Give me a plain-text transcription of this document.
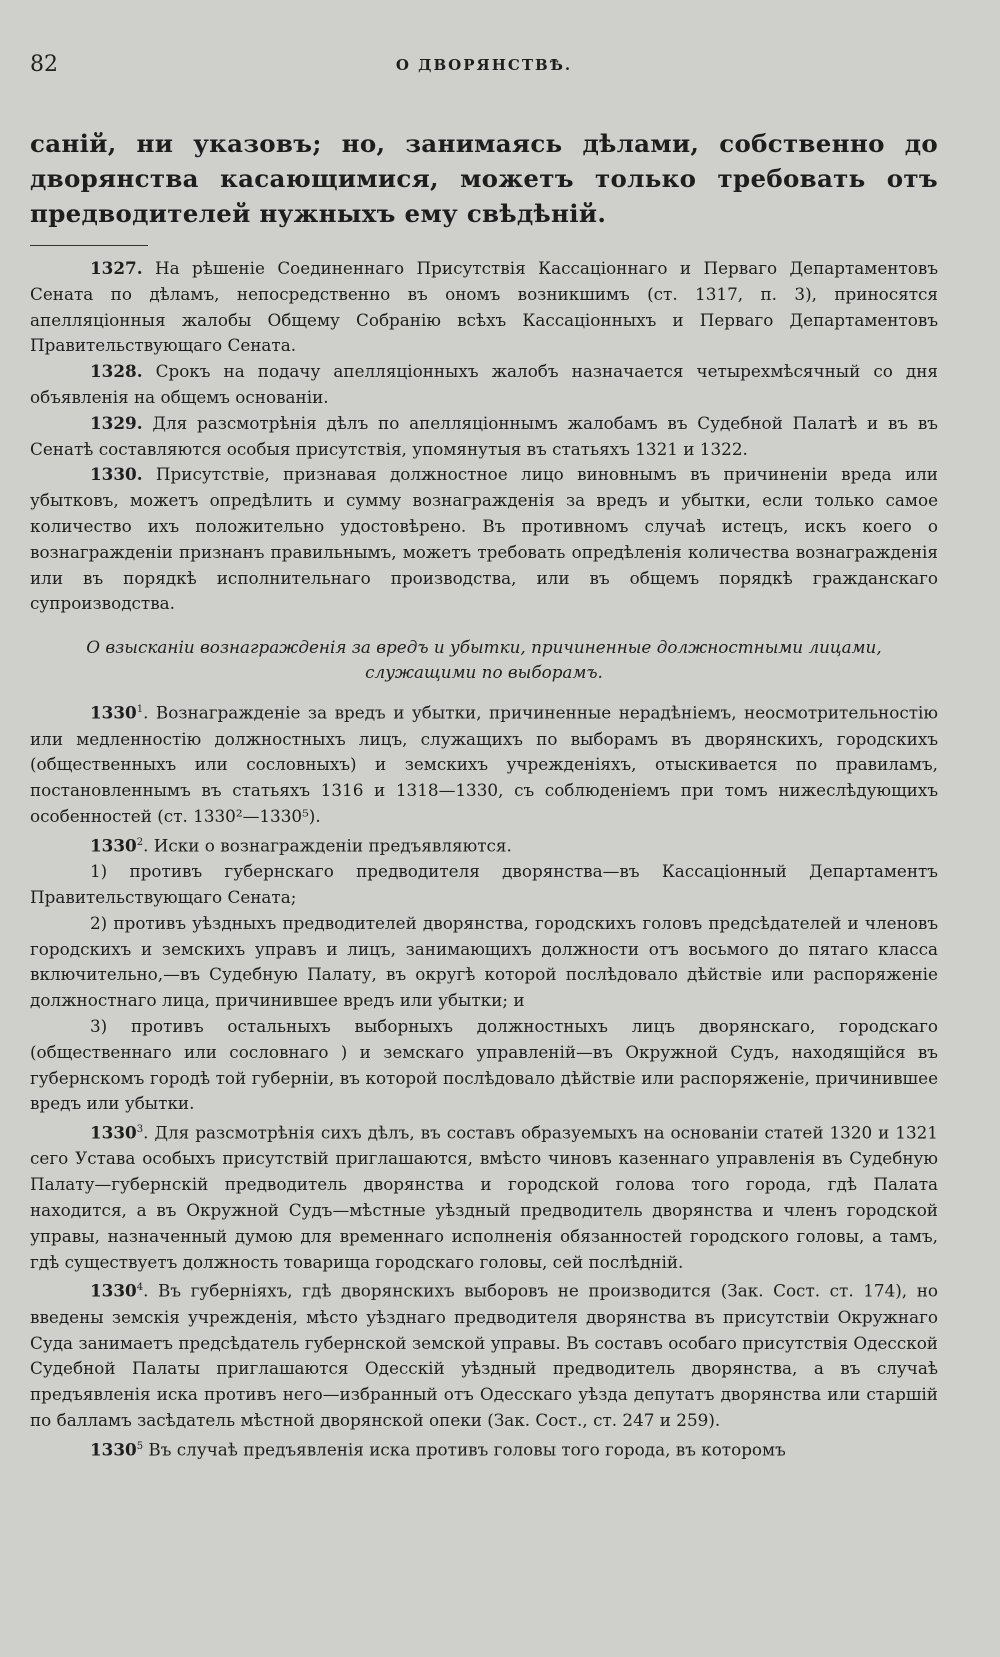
82	О ДВОРЯНСТВѢ.
саній, ни указовъ; но, занимаясь дѣлами, собственно до дворянства касающимися, можетъ только требовать отъ предводителей нужныхъ ему свѣдѣній.

1327. На рѣшеніе Соединеннаго Присутствія Кассаціоннаго и Перваго Департаментовъ Сената по дѣламъ, непосредственно въ ономъ возникшимъ (ст. 1317, п. 3), приносятся апелляціонныя жалобы Общему Собранію всѣхъ Кассаціонныхъ и Перваго Департаментовъ Правительствующаго Сената.

1328. Срокъ на подачу апелляціонныхъ жалобъ назначается четырехмѣсячный со дня объявленія на общемъ основаніи.

1329. Для разсмотрѣнія дѣлъ по апелляціоннымъ жалобамъ въ Судебной Палатѣ и въ въ Сенатѣ составляются особыя присутствія, упомянутыя въ статьяхъ 1321 и 1322.

1330. Присутствіе, признавая должностное лицо виновнымъ въ причиненіи вреда или убытковъ, можетъ опредѣлить и сумму вознагражденія за вредъ и убытки, если только самое количество ихъ положительно удостовѣрено. Въ противномъ случаѣ истецъ, искъ коего о вознагражденіи признанъ правильнымъ, можетъ требовать опредѣленія количества вознагражденія или въ порядкѣ исполнительнаго производства, или въ общемъ порядкѣ гражданскаго супроизводства.

О взысканіи вознагражденія за вредъ и убытки, причиненные должностными лицами, служащими по выборамъ.

1330$^1$. Вознагражденіе за вредъ и убытки, причиненные нерадѣніемъ, неосмотрительностію или медленностію должностныхъ лицъ, служащихъ по выборамъ въ дворянскихъ, городскихъ (общественныхъ или сословныхъ) и земскихъ учрежденіяхъ, отыскивается по правиламъ, постановленнымъ въ статьяхъ 1316 и 1318—1330, съ соблюденіемъ при томъ нижеслѣдующихъ особенностей (ст. 1330²—1330⁵).

1330$^2$. Иски о вознагражденіи предъявляются.

1) противъ губернскаго предводителя дворянства—въ Кассаціонный Департаментъ Правительствующаго Сената;

2) противъ уѣздныхъ предводителей дворянства, городскихъ головъ предсѣдателей и членовъ городскихъ и земскихъ управъ и лицъ, занимающихъ должности отъ восьмого до пятаго класса включительно,—въ Судебную Палату, въ округѣ которой послѣдовало дѣйствіе или распоряженіе должностнаго лица, причинившее вредъ или убытки; и

3) противъ остальныхъ выборныхъ должностныхъ лицъ дворянскаго, городскаго (общественнаго или сословнаго ) и земскаго управленій—въ Окружной Судъ, находящійся въ губернскомъ городѣ той губерніи, въ которой послѣдовало дѣйствіе или распоряженіе, причинившее вредъ или убытки.

1330$^3$. Для разсмотрѣнія сихъ дѣлъ, въ составъ образуемыхъ на основаніи статей 1320 и 1321 сего Устава особыхъ присутствій приглашаются, вмѣсто чиновъ казеннаго управленія въ Судебную Палату—губернскій предводитель дворянства и городской голова того города, гдѣ Палата находится, а въ Окружной Судъ—мѣстные уѣздный предводитель дворянства и членъ городской управы, назначенный думою для временнаго исполненія обязанностей городского головы, а тамъ, гдѣ существуетъ должность товарища городскаго головы, сей послѣдній.

1330$^4$. Въ губерніяхъ, гдѣ дворянскихъ выборовъ не производится (Зак. Сост. ст. 174), но введены земскія учрежденія, мѣсто уѣзднаго предводителя дворянства въ присутствіи Окружнаго Суда занимаетъ предсѣдатель губернской земской управы. Въ составъ особаго присутствія Одесской Судебной Палаты приглашаются Одесскій уѣздный предводитель дворянства, а въ случаѣ предъявленія иска противъ него—избранный отъ Одесскаго уѣзда депутатъ дворянства или старшій по балламъ засѣдатель мѣстной дворянской опеки (Зак. Сост., ст. 247 и 259).

1330$^5$ Въ случаѣ предъявленія иска противъ головы того города, въ которомъ
